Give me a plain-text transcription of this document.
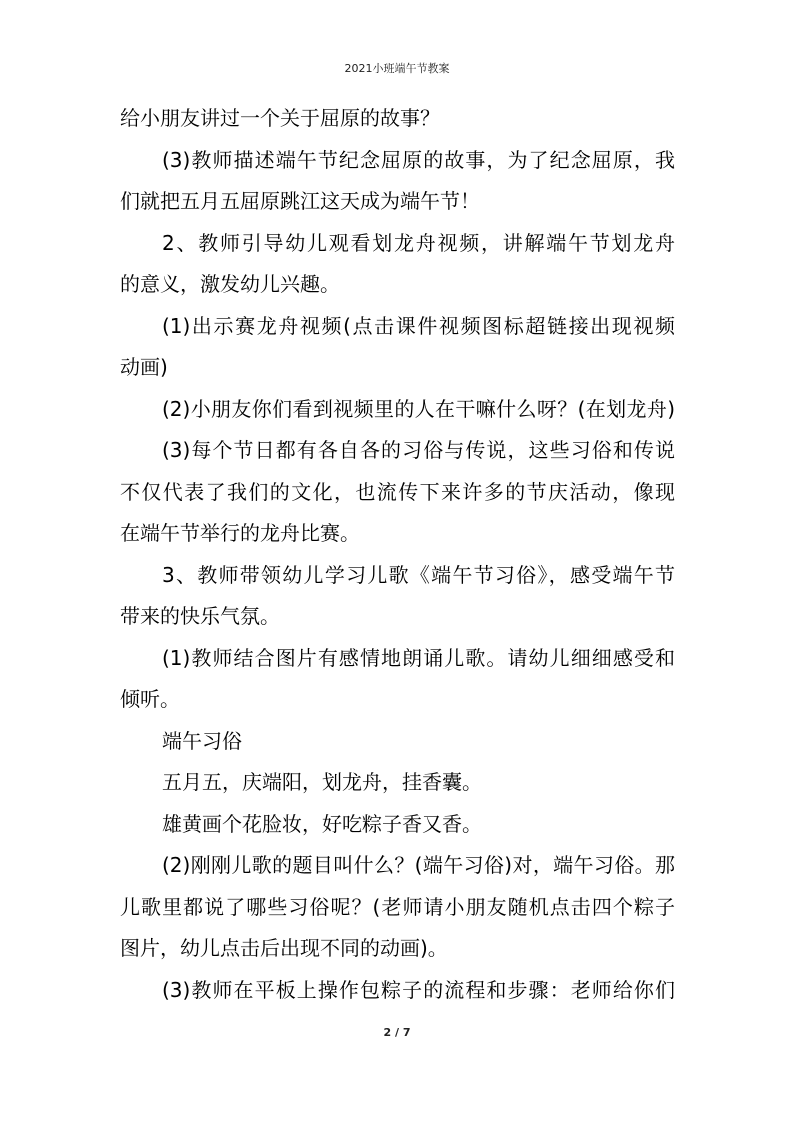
2021小班端午节教案
给小朋友讲过一个关于屈原的故事？
(3)教师描述端午节纪念屈原的故事，为了纪念屈原，我
们就把五月五屈原跳江这天成为端午节！
2、教师引导幼儿观看划龙舟视频，讲解端午节划龙舟
的意义，激发幼儿兴趣。
(1)出示赛龙舟视频(点击课件视频图标超链接出现视频
动画)
(2)小朋友你们看到视频里的人在干嘛什么呀？(在划龙舟)
(3)每个节日都有各自各的习俗与传说，这些习俗和传说
不仅代表了我们的文化，也流传下来许多的节庆活动，像现
在端午节举行的龙舟比赛。
3、教师带领幼儿学习儿歌《端午节习俗》，感受端午节
带来的快乐气氛。
(1)教师结合图片有感情地朗诵儿歌。请幼儿细细感受和
倾听。
端午习俗
五月五，庆端阳，划龙舟，挂香囊。
雄黄画个花脸妆，好吃粽子香又香。
(2)刚刚儿歌的题目叫什么？(端午习俗)对，端午习俗。那
儿歌里都说了哪些习俗呢？(老师请小朋友随机点击四个粽子
图片，幼儿点击后出现不同的动画)。
(3)教师在平板上操作包粽子的流程和步骤：老师给你们
2 / 7
